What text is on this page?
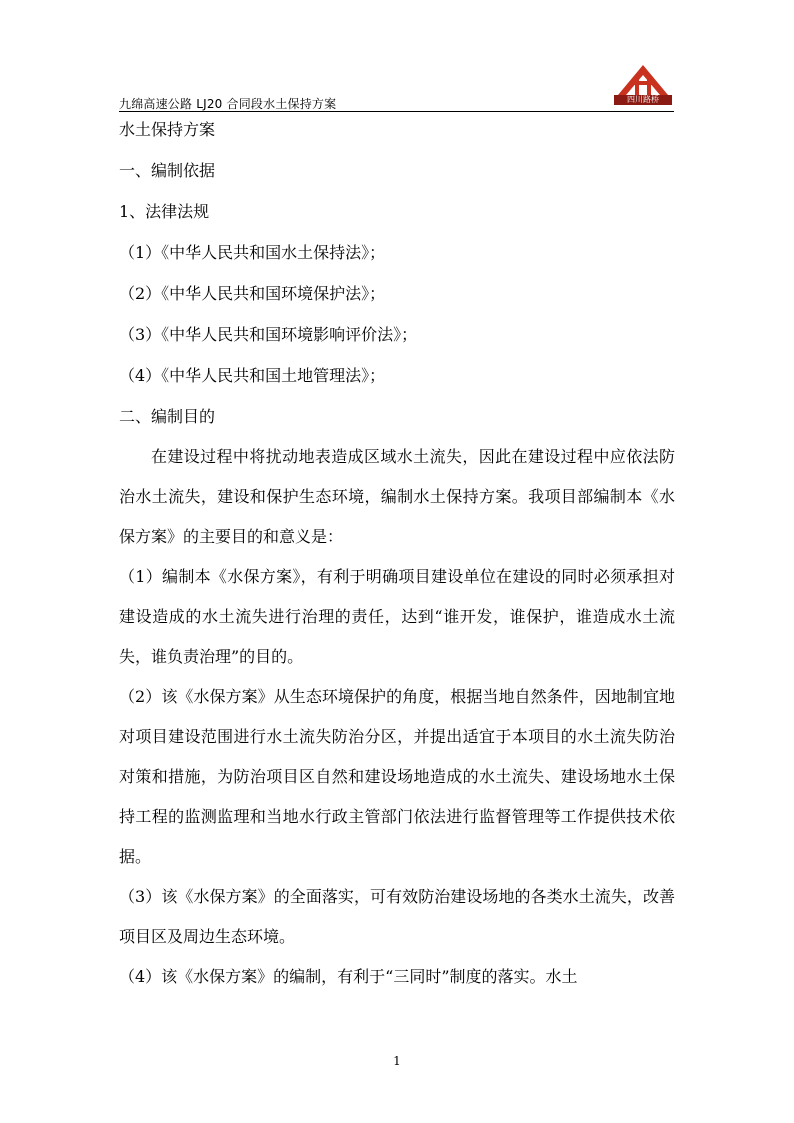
四川路桥
九绵高速公路 LJ20 合同段水土保持方案
水土保持方案
一、编制依据
1、法律法规
（1）《中华人民共和国水土保持法》；
（2）《中华人民共和国环境保护法》；
（3）《中华人民共和国环境影响评价法》；
（4）《中华人民共和国土地管理法》；
二、编制目的

在建设过程中将扰动地表造成区域水土流失，因此在建设过程中应依法防治水土流失，建设和保护生态环境，编制水土保持方案。我项目部编制本《水保方案》的主要目的和意义是：

（1）编制本《水保方案》，有利于明确项目建设单位在建设的同时必须承担对建设造成的水土流失进行治理的责任，达到“谁开发，谁保护，谁造成水土流失，谁负责治理”的目的。

（2）该《水保方案》从生态环境保护的角度，根据当地自然条件，因地制宜地对项目建设范围进行水土流失防治分区，并提出适宜于本项目的水土流失防治对策和措施，为防治项目区自然和建设场地造成的水土流失、建设场地水土保持工程的监测监理和当地水行政主管部门依法进行监督管理等工作提供技术依据。

（3）该《水保方案》的全面落实，可有效防治建设场地的各类水土流失，改善项目区及周边生态环境。

（4）该《水保方案》的编制，有利于“三同时”制度的落实。水土

1
